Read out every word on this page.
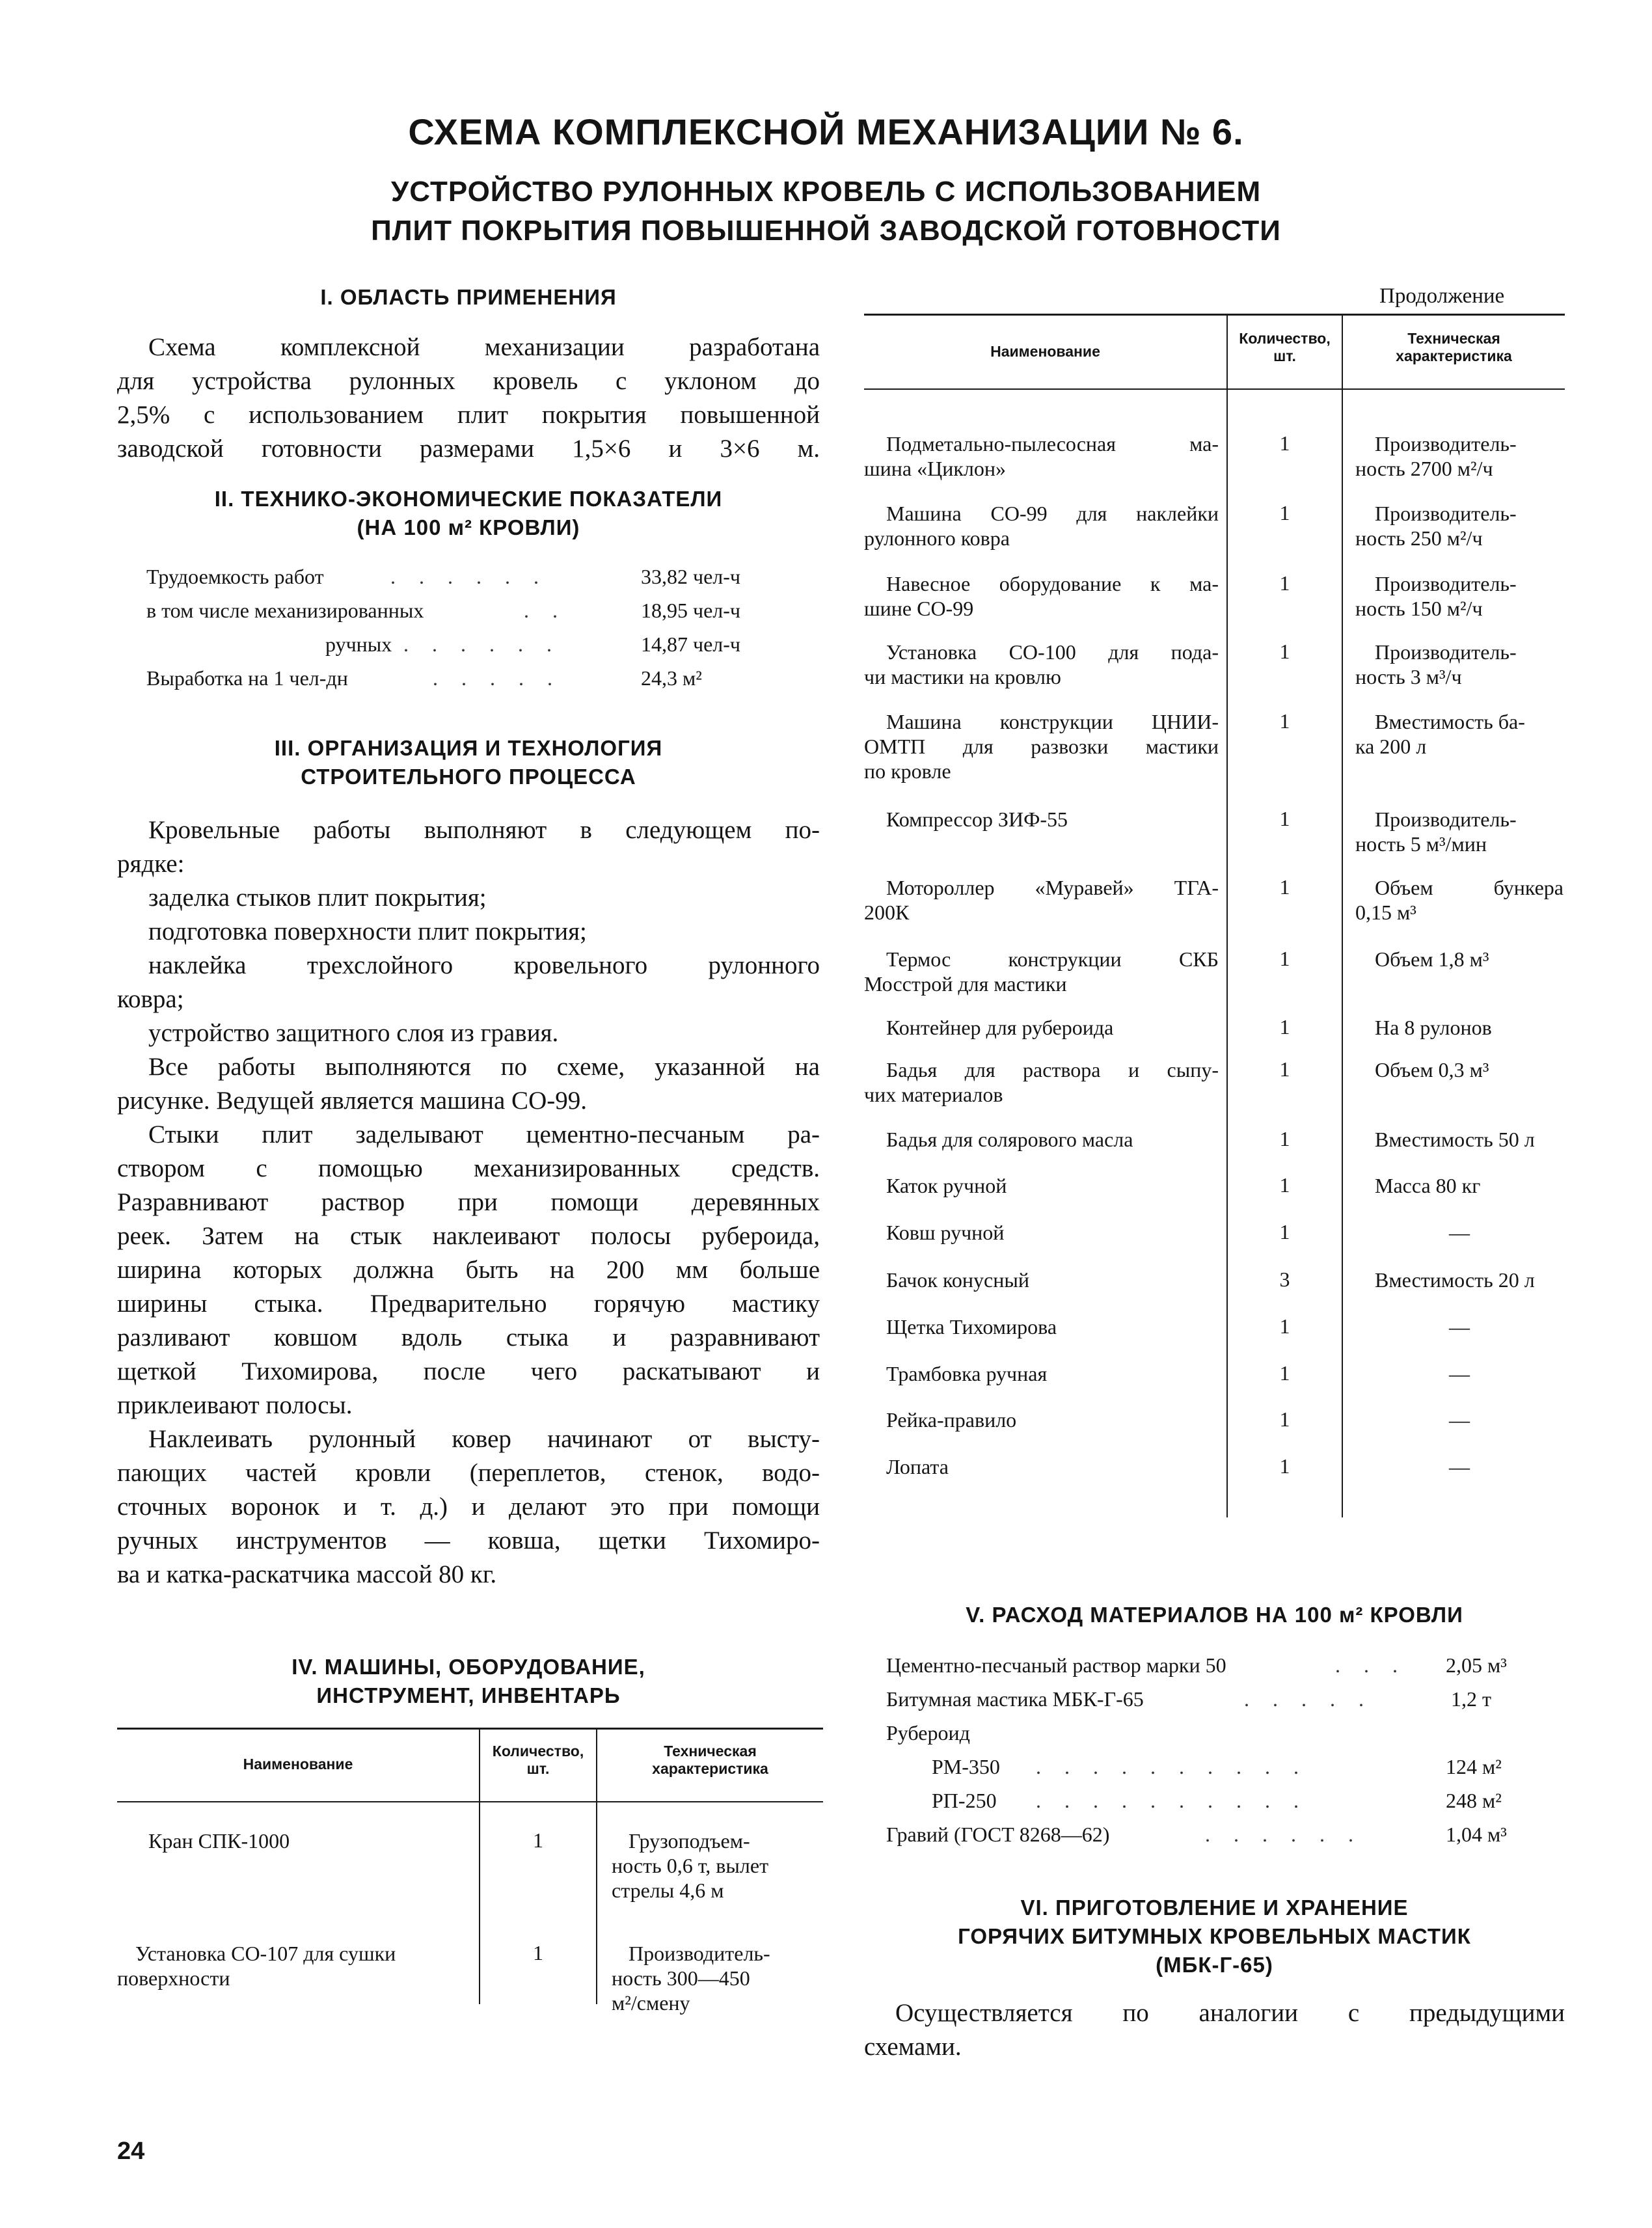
СХЕМА КОМПЛЕКСНОЙ МЕХАНИЗАЦИИ № 6.
УСТРОЙСТВО РУЛОННЫХ КРОВЕЛЬ С ИСПОЛЬЗОВАНИЕМ
ПЛИТ ПОКРЫТИЯ ПОВЫШЕННОЙ ЗАВОДСКОЙ ГОТОВНОСТИ
I. ОБЛАСТЬ ПРИМЕНЕНИЯ
Схема комплексной механизации разработана
для устройства рулонных кровель с уклоном до
2,5% с использованием плит покрытия повышенной
заводской готовности размерами 1,5×6 и 3×6 м.
II. ТЕХНИКО-ЭКОНОМИЧЕСКИЕ ПОКАЗАТЕЛИ
(НА 100 м² КРОВЛИ)
Трудоемкость работ	. . . . . .	33,82 чел-ч
в том числе механизированных	. .	18,95 чел-ч
ручных . . . . . .	14,87 чел-ч
Выработка на 1 чел-дн	. . . . .	24,3 м²
III. ОРГАНИЗАЦИЯ И ТЕХНОЛОГИЯ
СТРОИТЕЛЬНОГО ПРОЦЕССА
Кровельные работы выполняют в следующем по-
рядке:
заделка стыков плит покрытия;
подготовка поверхности плит покрытия;
наклейка трехслойного кровельного рулонного
ковра;
устройство защитного слоя из гравия.
Все работы выполняются по схеме, указанной на
рисунке. Ведущей является машина СО-99.
Стыки плит заделывают цементно-песчаным ра-
створом с помощью механизированных средств.
Разравнивают раствор при помощи деревянных
реек. Затем на стык наклеивают полосы рубероида,
ширина которых должна быть на 200 мм больше
ширины стыка. Предварительно горячую мастику
разливают ковшом вдоль стыка и разравнивают
щеткой Тихомирова, после чего раскатывают и
приклеивают полосы.
Наклеивать рулонный ковер начинают от высту-
пающих частей кровли (переплетов, стенок, водо-
сточных воронок и т. д.) и делают это при помощи
ручных инструментов — ковша, щетки Тихомиро-
ва и катка-раскатчика массой 80 кг.
IV. МАШИНЫ, ОБОРУДОВАНИЕ,
ИНСТРУМЕНТ, ИНВЕНТАРЬ
Наименование
Количество,
шт.
Техническая
характеристика
Кран СПК-1000	1	Грузоподъем-
ность 0,6 т, вылет
стрелы 4,6 м
Установка СО-107 для сушки
поверхности
1	Производитель-
ность 300—450
м²/смену
24
Продолжение
Наименование
Количество,
шт.
Техническая
характеристика
Подметально-пылесосная ма-
шина «Циклон»
1	Производитель-
ность 2700 м²/ч
Машина СО-99 для наклейки
рулонного ковра
1	Производитель-
ность 250 м²/ч
Навесное оборудование к ма-
шине СО-99
1	Производитель-
ность 150 м²/ч
Установка СО-100 для пода-
чи мастики на кровлю
1	Производитель-
ность 3 м³/ч
Машина конструкции ЦНИИ-
ОМТП для развозки мастики
по кровле
1	Вместимость ба-
ка 200 л
Компрессор ЗИФ-55	1	Производитель-
ность 5 м³/мин
Мотороллер «Муравей» ТГА-
200К
1	Объем бункера
0,15 м³
Термос конструкции СКБ
Мосстрой для мастики
1	Объем 1,8 м³
Контейнер для рубероида	1	На 8 рулонов
Бадья для раствора и сыпу-
чих материалов
1	Объем 0,3 м³
Бадья для солярового масла	1	Вместимость 50 л
Каток ручной	1	Масса 80 кг
Ковш ручной	1	—
Бачок конусный	3	Вместимость 20 л
Щетка Тихомирова	1	—
Трамбовка ручная	1	—
Рейка-правило	1	—
Лопата	1	—
V. РАСХОД МАТЕРИАЛОВ НА 100 м² КРОВЛИ
Цементно-песчаный раствор марки 50	. . . 2,05 м³
Битумная мастика МБК-Г-65	. . . . .	1,2 т
Рубероид
РМ-350 . . . . . . . . . .	124 м²
РП-250 . . . . . . . . . .	248 м²
Гравий (ГОСТ 8268—62)	. . . . . .	1,04 м³
VI. ПРИГОТОВЛЕНИЕ И ХРАНЕНИЕ
ГОРЯЧИХ БИТУМНЫХ КРОВЕЛЬНЫХ МАСТИК
(МБК-Г-65)
Осуществляется по аналогии с предыдущими
схемами.
